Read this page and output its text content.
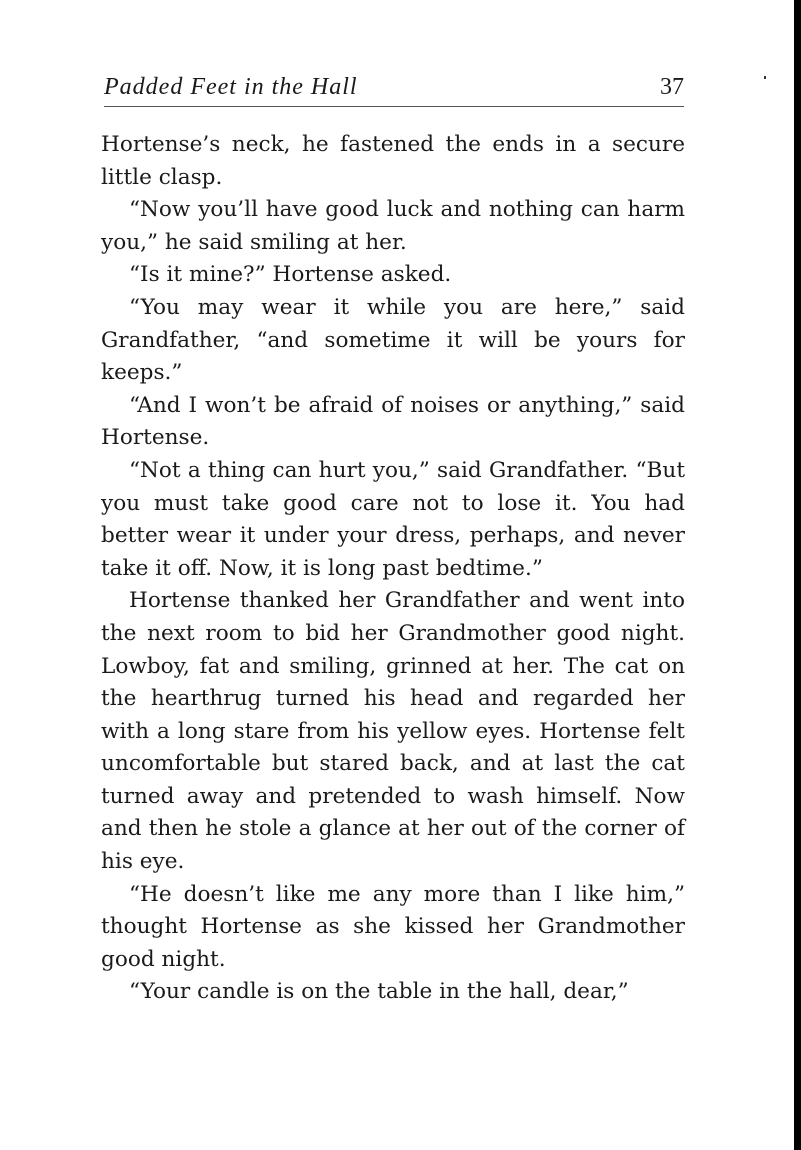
Padded Feet in the Hall	37

Hortense’s neck, he fastened the ends in a secure little clasp.

“Now you’ll have good luck and nothing can harm you,” he said smiling at her.

“Is it mine?” Hortense asked.

“You may wear it while you are here,” said Grandfather, “and sometime it will be yours for keeps.”

“And I won’t be afraid of noises or anything,” said Hortense.

“Not a thing can hurt you,” said Grandfather. “But you must take good care not to lose it. You had better wear it under your dress, perhaps, and never take it off. Now, it is long past bedtime.”

Hortense thanked her Grandfather and went into the next room to bid her Grandmother good night. Lowboy, fat and smiling, grinned at her. The cat on the hearthrug turned his head and regarded her with a long stare from his yellow eyes. Hortense felt uncomfortable but stared back, and at last the cat turned away and pretended to wash himself. Now and then he stole a glance at her out of the corner of his eye.

“He doesn’t like me any more than I like him,” thought Hortense as she kissed her Grandmother good night.

“Your candle is on the table in the hall, dear,”
